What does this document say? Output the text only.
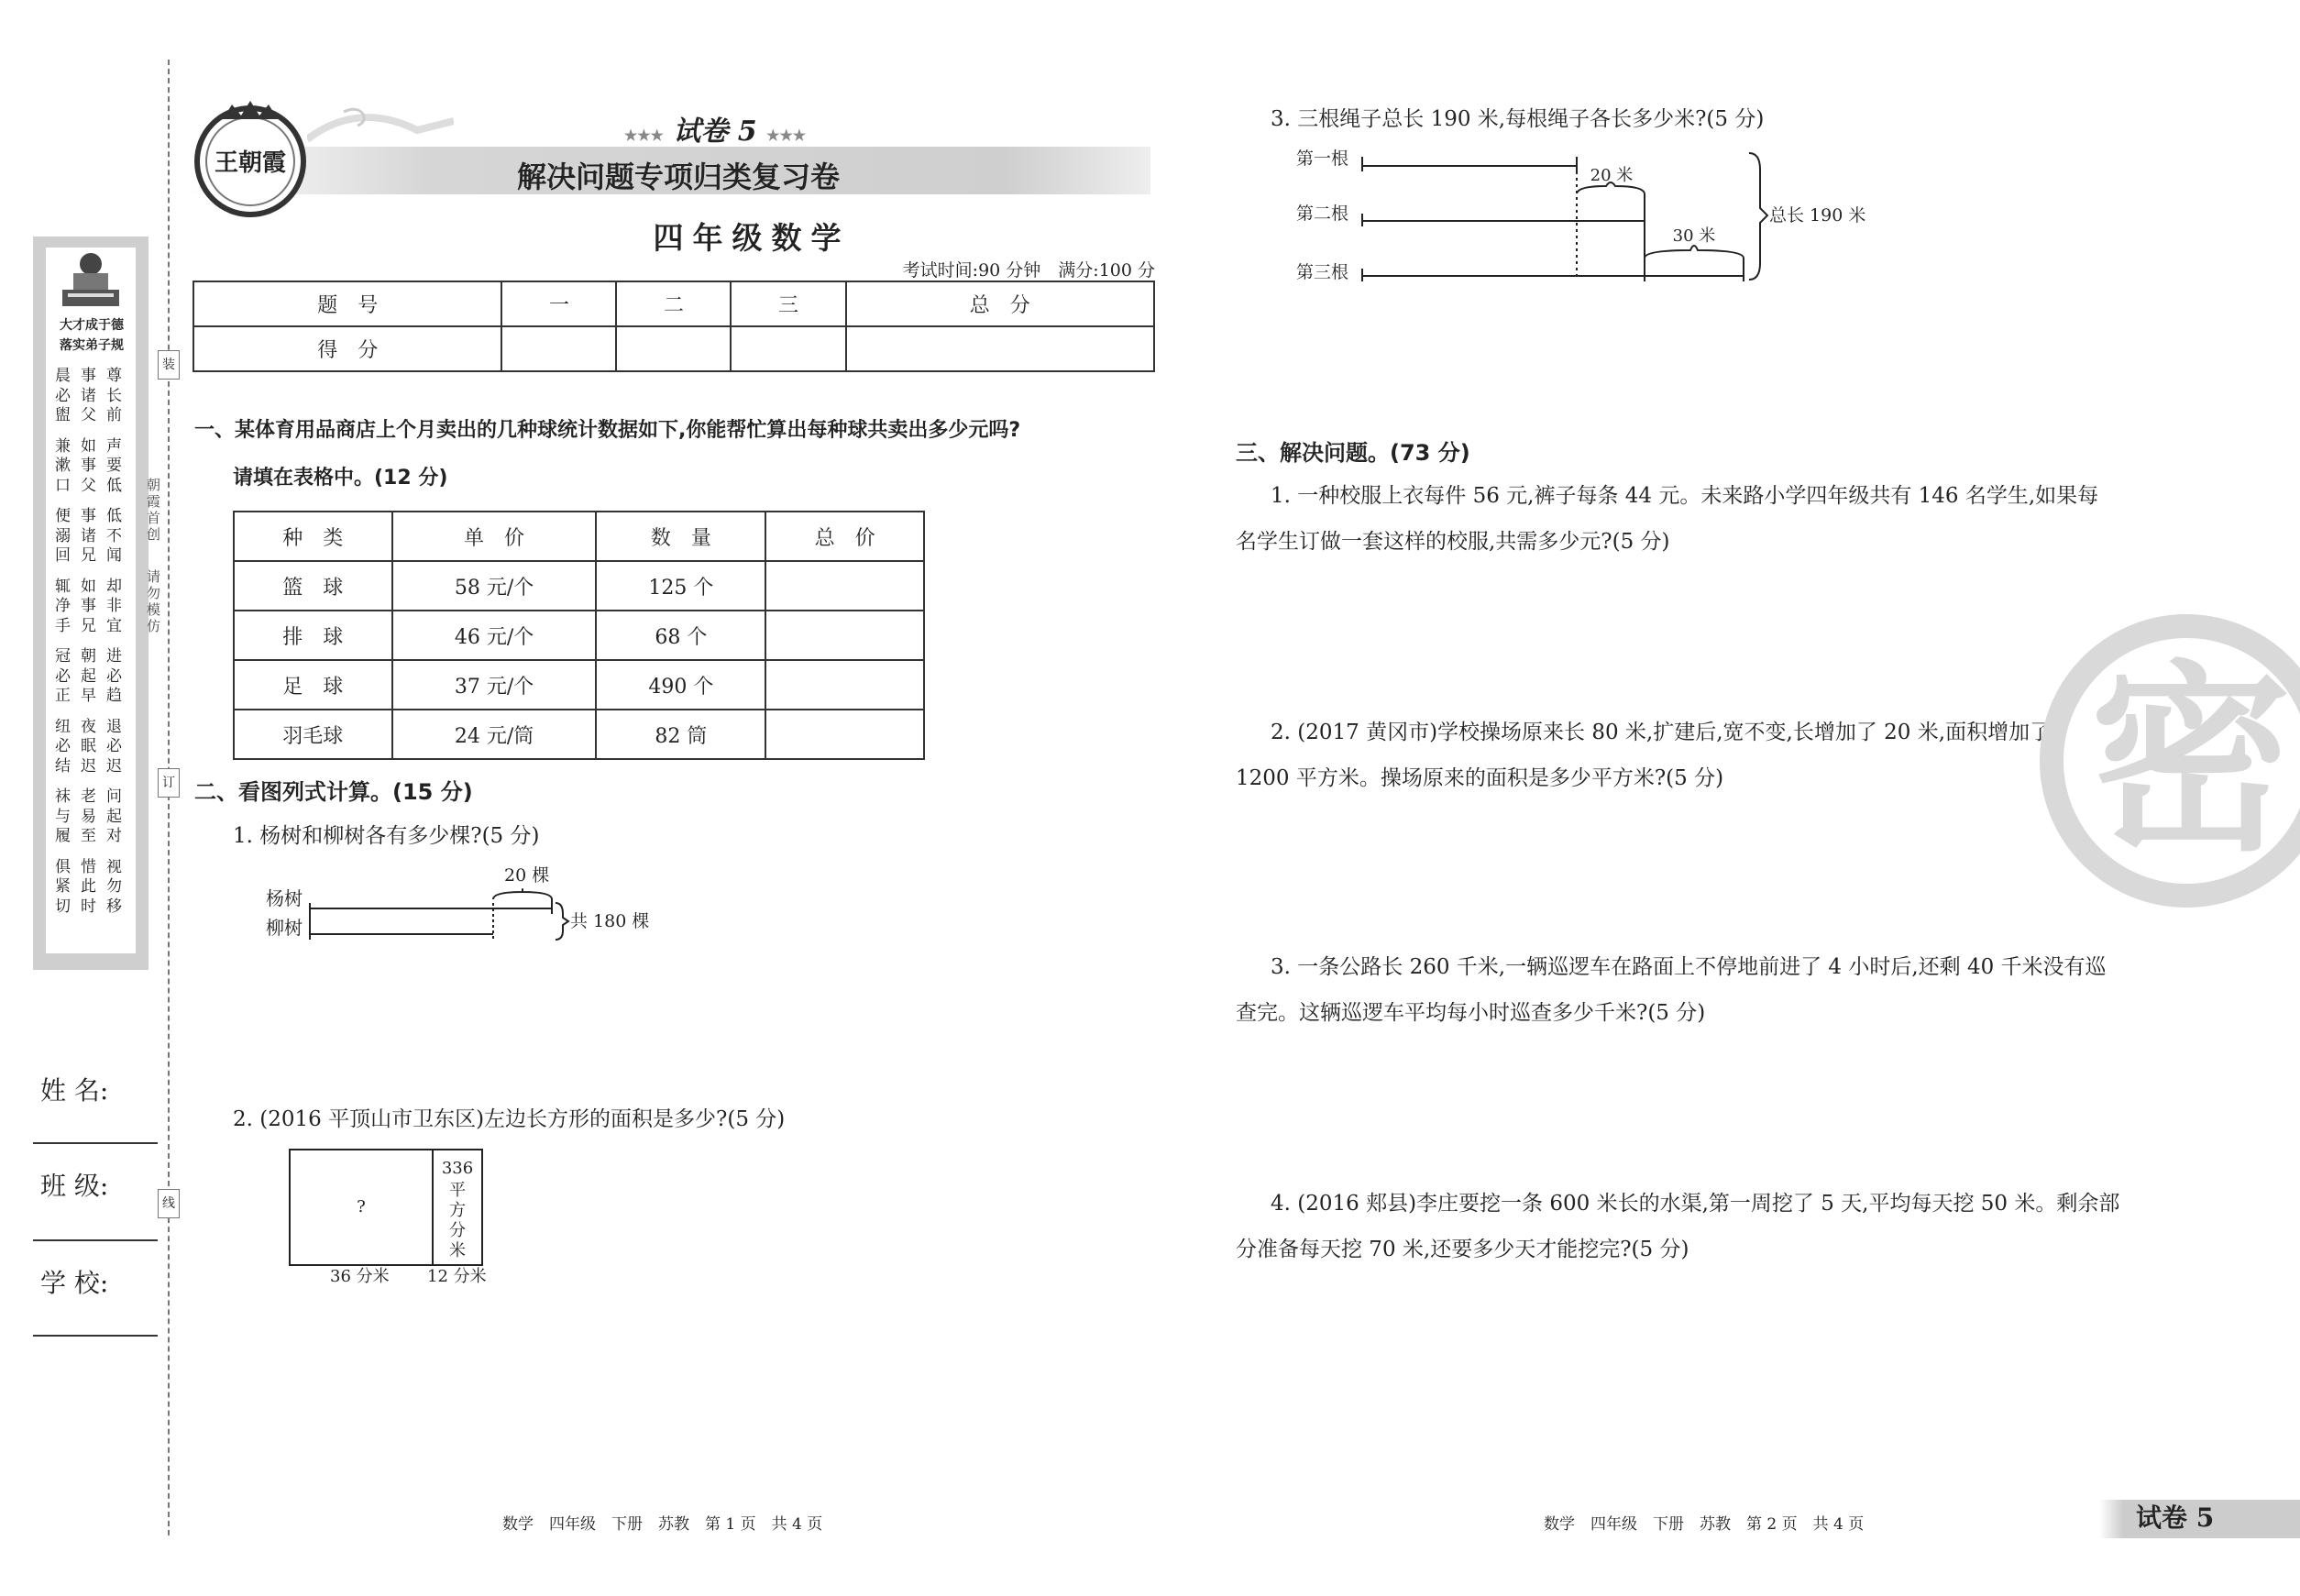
大才成于德
落实弟子规
晨
必
盥

兼
漱
口

便
溺
回

辄
净
手

冠
必
正

纽
必
结

袜
与
履

俱
紧
切
事
诸
父

如
事
父

事
诸
兄

如
事
兄

朝
起
早

夜
眠
迟

老
易
至

惜
此
时
尊
长
前

声
要
低

低
不
闻

却
非
宜

进
必
趋

退
必
迟

问
起
对

视
勿
移
装
订
线
朝
霞
首
创
请
勿
模
仿
姓 名:
班 级:
学 校:
王朝霞
★★★ 试卷 5 ★★★
解决问题专项归类复习卷
四年级数学
考试时间:90 分钟　满分:100 分
题　号	一	二	三	总　分
得　分				
一、某体育用品商店上个月卖出的几种球统计数据如下,你能帮忙算出每种球共卖出多少元吗?
请填在表格中。(12 分)
种　类	单　价	数　量	总　价
篮　球	58 元/个	125 个	
排　球	46 元/个	68 个	
足　球	37 元/个	490 个	
羽毛球	24 元/筒	82 筒	
二、看图列式计算。(15 分)
1. 杨树和柳树各有多少棵?(5 分)
杨树
柳树
20 棵
共 180 棵
2. (2016 平顶山市卫东区)左边长方形的面积是多少?(5 分)
?
336
平
方
分
米
36 分米 12 分米
3. 三根绳子总长 190 米,每根绳子各长多少米?(5 分)
第一根
第二根
第三根
20 米
30 米
总长 190 米
三、解决问题。(73 分)
1. 一种校服上衣每件 56 元,裤子每条 44 元。未来路小学四年级共有 146 名学生,如果每
名学生订做一套这样的校服,共需多少元?(5 分)
2. (2017 黄冈市)学校操场原来长 80 米,扩建后,宽不变,长增加了 20 米,面积增加了
1200 平方米。操场原来的面积是多少平方米?(5 分)
3. 一条公路长 260 千米,一辆巡逻车在路面上不停地前进了 4 小时后,还剩 40 千米没有巡
查完。这辆巡逻车平均每小时巡查多少千米?(5 分)
4. (2016 郏县)李庄要挖一条 600 米长的水渠,第一周挖了 5 天,平均每天挖 50 米。剩余部
分准备每天挖 70 米,还要多少天才能挖完?(5 分)
密
数学　四年级　下册　苏教　第 1 页　共 4 页	数学　四年级　下册　苏教　第 2 页　共 4 页	试卷 5
